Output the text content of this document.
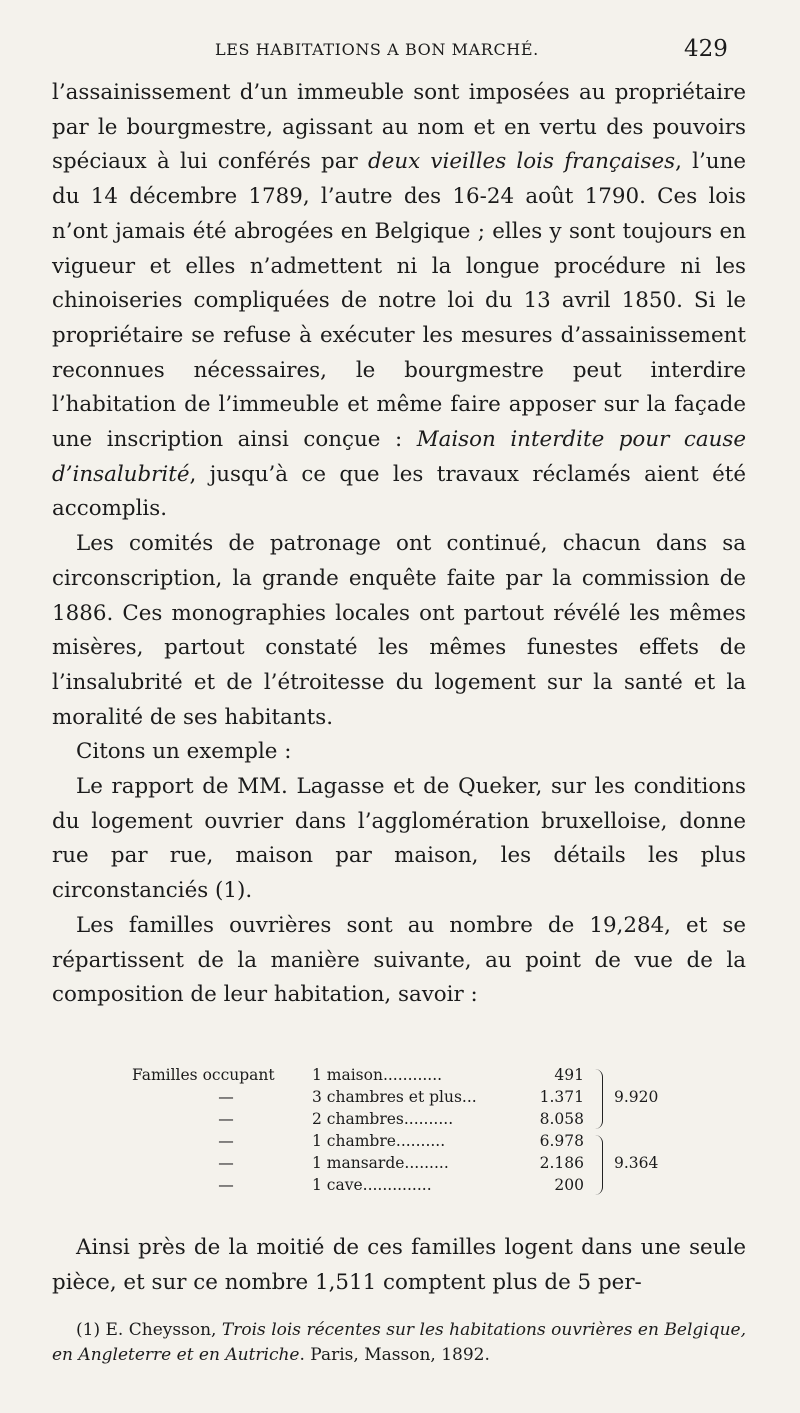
LES HABITATIONS A BON MARCHÉ.	429

l’assainissement d’un immeuble sont imposées au propriétaire par le bourgmestre, agissant au nom et en vertu des pouvoirs spéciaux à lui conférés par deux vieilles lois françaises, l’une du 14 décembre 1789, l’autre des 16-24 août 1790. Ces lois n’ont jamais été abrogées en Belgique ; elles y sont toujours en vigueur et elles n’admettent ni la longue procédure ni les chinoiseries compliquées de notre loi du 13 avril 1850. Si le propriétaire se refuse à exécuter les mesures d’assainissement reconnues nécessaires, le bourgmestre peut interdire l’habitation de l’immeuble et même faire apposer sur la façade une inscription ainsi conçue : Maison interdite pour cause d’insalubrité, jusqu’à ce que les travaux réclamés aient été accomplis.

Les comités de patronage ont continué, chacun dans sa circonscription, la grande enquête faite par la commission de 1886. Ces monographies locales ont partout révélé les mêmes misères, partout constaté les mêmes funestes effets de l’insalubrité et de l’étroitesse du logement sur la santé et la moralité de ses habitants.

Citons un exemple :

Le rapport de MM. Lagasse et de Queker, sur les conditions du logement ouvrier dans l’agglomération bruxelloise, donne rue par rue, maison par maison, les détails les plus circonstanciés (1).

Les familles ouvrières sont au nombre de 19,284, et se répartissent de la manière suivante, au point de vue de la composition de leur habitation, savoir :

Familles occupant 1 maison............	491
—	3 chambres et plus...	1.371
—	2 chambres..........	8.058
—	1 chambre..........	6.978
—	1 mansarde.........	2.186
—	1 cave..............	200
9.920
9.364

Ainsi près de la moitié de ces familles logent dans une seule pièce, et sur ce nombre 1,511 comptent plus de 5 per-

(1) E. Cheysson, Trois lois récentes sur les habitations ouvrières en Belgique, en Angleterre et en Autriche. Paris, Masson, 1892.
